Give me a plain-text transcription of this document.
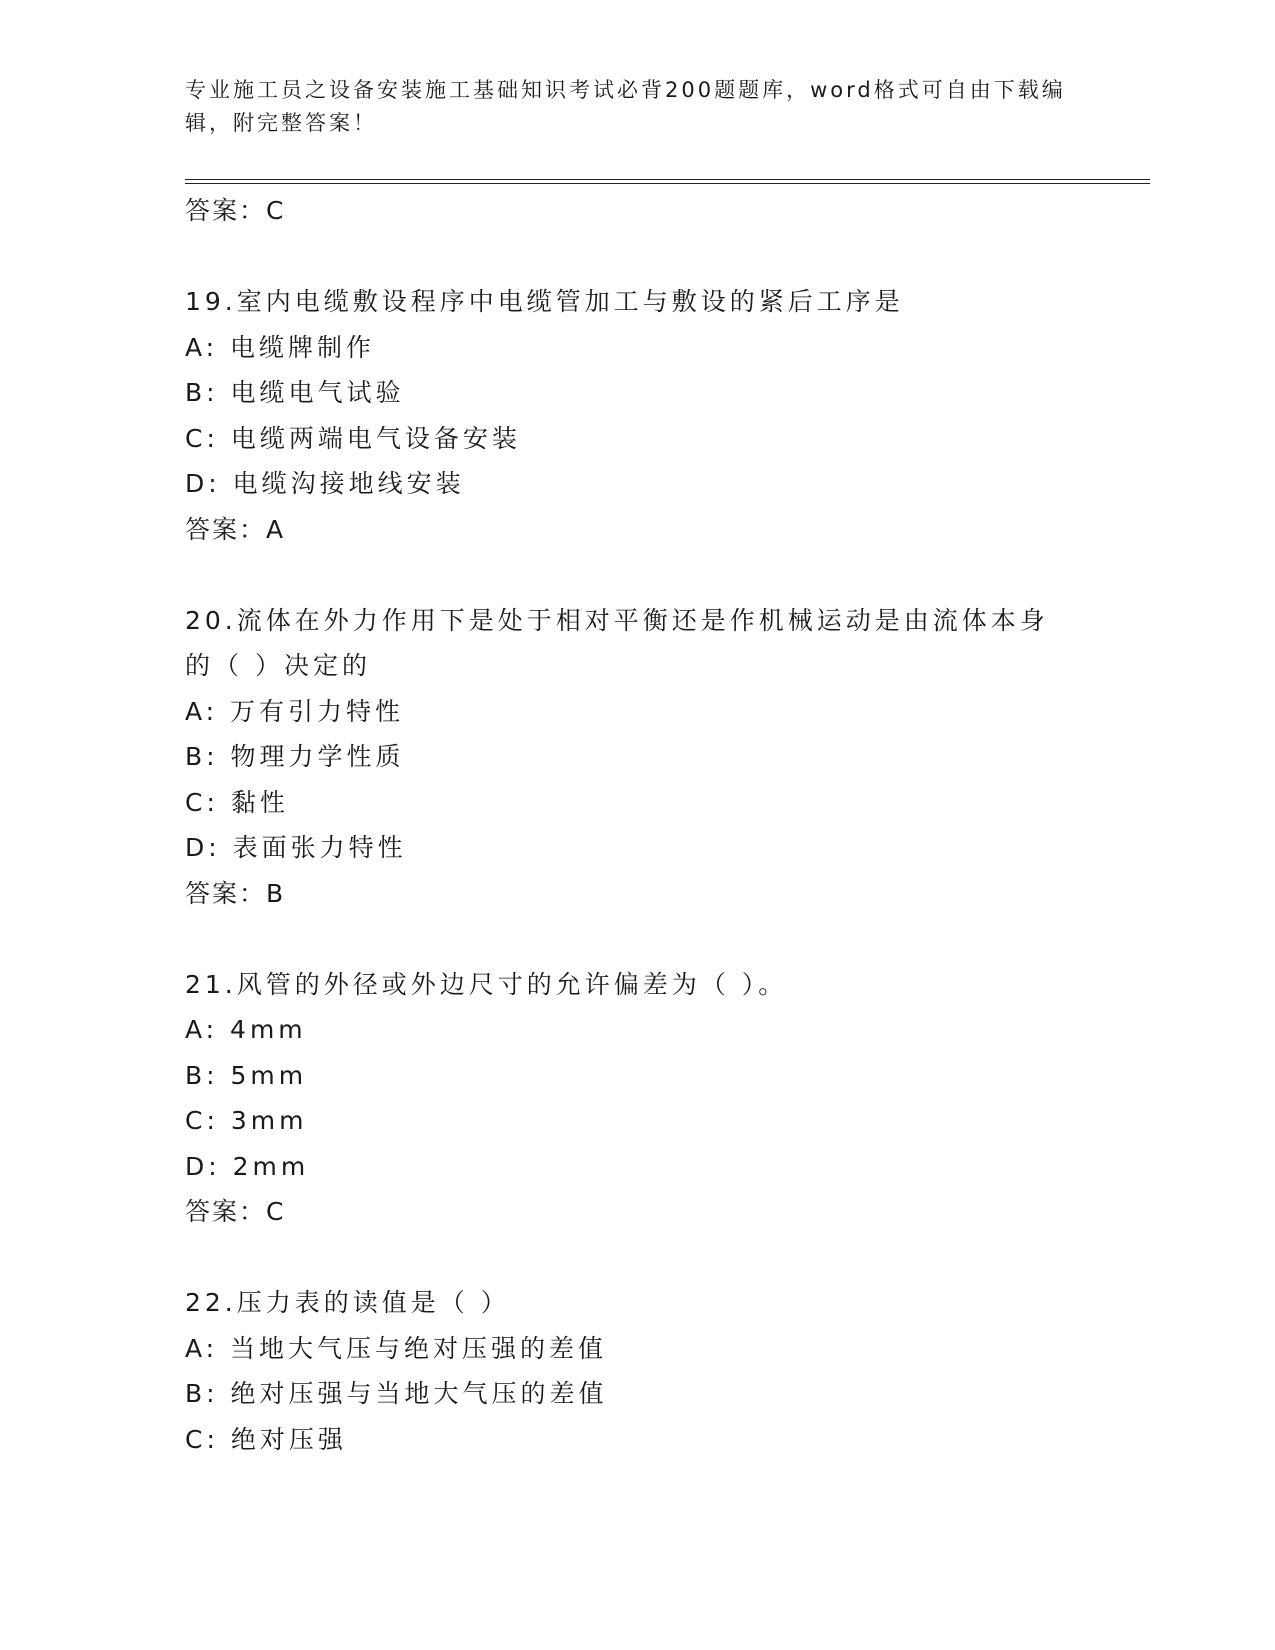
专业施工员之设备安装施工基础知识考试必背200题题库，word格式可自由下载编辑，附完整答案！
答案：C
19.室内电缆敷设程序中电缆管加工与敷设的紧后工序是
A: 电缆牌制作
B: 电缆电气试验
C: 电缆两端电气设备安装
D: 电缆沟接地线安装
答案：A
20.流体在外力作用下是处于相对平衡还是作机械运动是由流体本身的（ ）决定的
A: 万有引力特性
B: 物理力学性质
C: 黏性
D: 表面张力特性
答案：B
21.风管的外径或外边尺寸的允许偏差为（ ）。
A: 4mm
B: 5mm
C: 3mm
D: 2mm
答案：C
22.压力表的读值是（ ）
A: 当地大气压与绝对压强的差值
B: 绝对压强与当地大气压的差值
C: 绝对压强
